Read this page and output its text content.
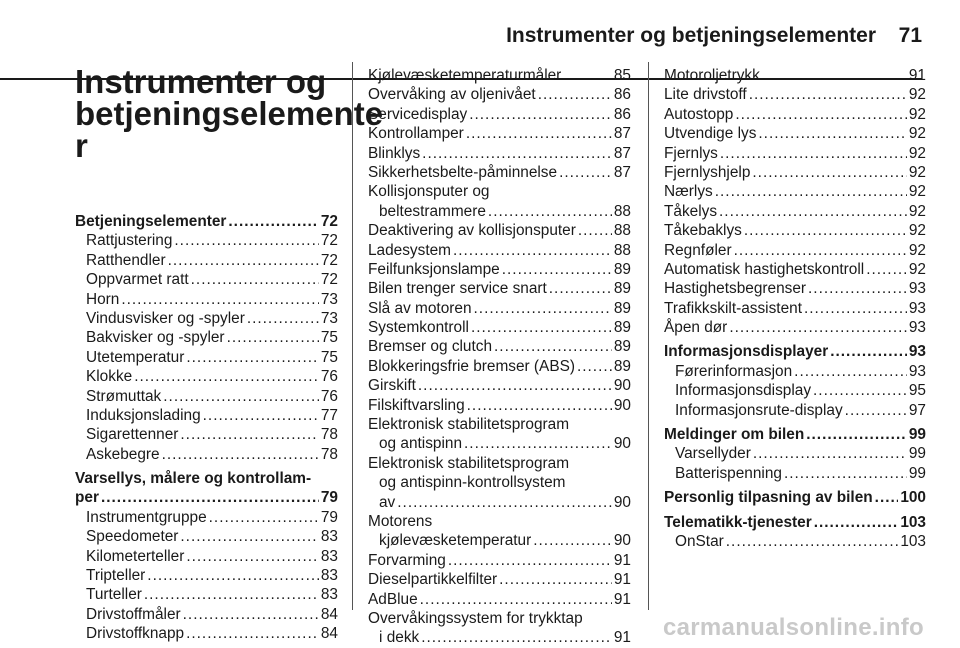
Instrumenter og betjeningselementer 71
Instrumenter og
betjeningselemente
r
Betjeningselementer .....	72
Rattjustering .....	72
Ratthendler .....	72
Oppvarmet ratt .....	72
Horn .....	73
Vindusvisker og -spyler .....	73
Bakvisker og -spyler .....	75
Utetemperatur .....	75
Klokke .....	76
Strømuttak .....	76
Induksjonslading .....	77
Sigarettenner .....	78
Askebegre .....	78
Varsellys, målere og kontrollam-
per .....	79
Instrumentgruppe .....	79
Speedometer .....	83
Kilometerteller .....	83
Tripteller .....	83
Turteller .....	83
Drivstoffmåler .....	84
Drivstoffknapp .....	84
Kjølevæsketemperaturmåler .....	85
Overvåking av oljenivået .....	86
Servicedisplay .....	86
Kontrollamper .....	87
Blinklys .....	87
Sikkerhetsbelte-påminnelse .....	87
Kollisjonsputer og
beltestrammere .....	88
Deaktivering av kollisjonsputer ..... 88
Ladesystem .....	88
Feilfunksjonslampe .....	89
Bilen trenger service snart .....	89
Slå av motoren .....	89
Systemkontroll .....	89
Bremser og clutch .....	89
Blokkeringsfrie bremser (ABS) .....	89
Girskift .....	90
Filskiftvarsling .....	90
Elektronisk stabilitetsprogram
og antispinn .....	90
Elektronisk stabilitetsprogram
og antispinn-kontrollsystem
av .....	90
Motorens
kjølevæsketemperatur .....	90
Forvarming .....	91
Dieselpartikkelfilter .....	91
AdBlue .....	91
Overvåkingssystem for trykktap
i dekk .....	91
Motoroljetrykk .....	91
Lite drivstoff .....	92
Autostopp .....	92
Utvendige lys .....	92
Fjernlys .....	92
Fjernlyshjelp .....	92
Nærlys .....	92
Tåkelys .....	92
Tåkebaklys .....	92
Regnføler .....	92
Automatisk hastighetskontroll .....	92
Hastighetsbegrenser .....	93
Trafikkskilt-assistent .....	93
Åpen dør .....	93
Informasjonsdisplayer .....	93
Førerinformasjon .....	93
Informasjonsdisplay .....	95
Informasjonsrute-display .....	97
Meldinger om bilen .....	99
Varsellyder .....	99
Batterispenning .....	99
Personlig tilpasning av bilen ..... 100
Telematikk-tjenester .....	103
OnStar .....	103
carmanualsonline.info
